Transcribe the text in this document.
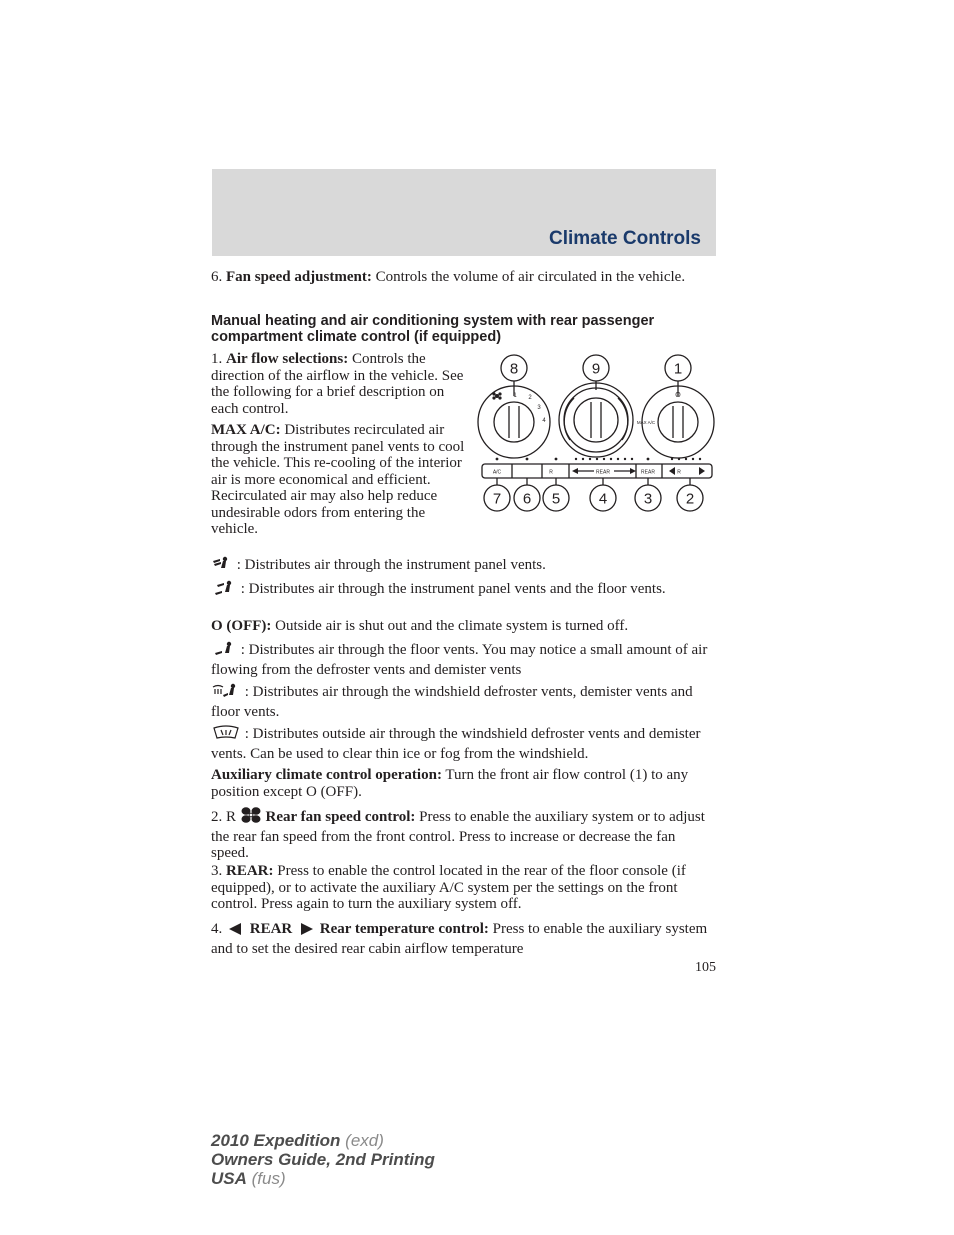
Climate Controls

6. Fan speed adjustment: Controls the volume of air circulated in the vehicle.

Manual heating and air conditioning system with rear passenger compartment climate control (if equipped)

1. Air flow selections: Controls the direction of the airflow in the vehicle. See the following for a brief description on each control.

MAX A/C: Distributes recirculated air through the instrument panel vents to cool the vehicle. This re-cooling of the interior air is more economical and efficient. Recirculated air may also help reduce undesirable odors from entering the vehicle.

8	9	1
7 6 5	4 3 2
1 2
3
4
A/C	R	REAR	REAR	R
MAX A/C
O

: Distributes air through the instrument panel vents.

: Distributes air through the instrument panel vents and the floor vents.

O (OFF): Outside air is shut out and the climate system is turned off.

: Distributes air through the floor vents. You may notice a small amount of air flowing from the defroster vents and demister vents

: Distributes air through the windshield defroster vents, demister vents and floor vents.

: Distributes outside air through the windshield defroster vents and demister vents. Can be used to clear thin ice or fog from the windshield.

Auxiliary climate control operation: Turn the front air flow control (1) to any position except O (OFF).

2. R Rear fan speed control: Press to enable the auxiliary system or to adjust the rear fan speed from the front control. Press to increase or decrease the fan speed.

3. REAR: Press to enable the control located in the rear of the floor console (if equipped), or to activate the auxiliary A/C system per the settings on the front control. Press again to turn the auxiliary system off.

4. REAR Rear temperature control: Press to enable the auxiliary system and to set the desired rear cabin airflow temperature

105
2010 Expedition (exd)
Owners Guide, 2nd Printing
USA (fus)
